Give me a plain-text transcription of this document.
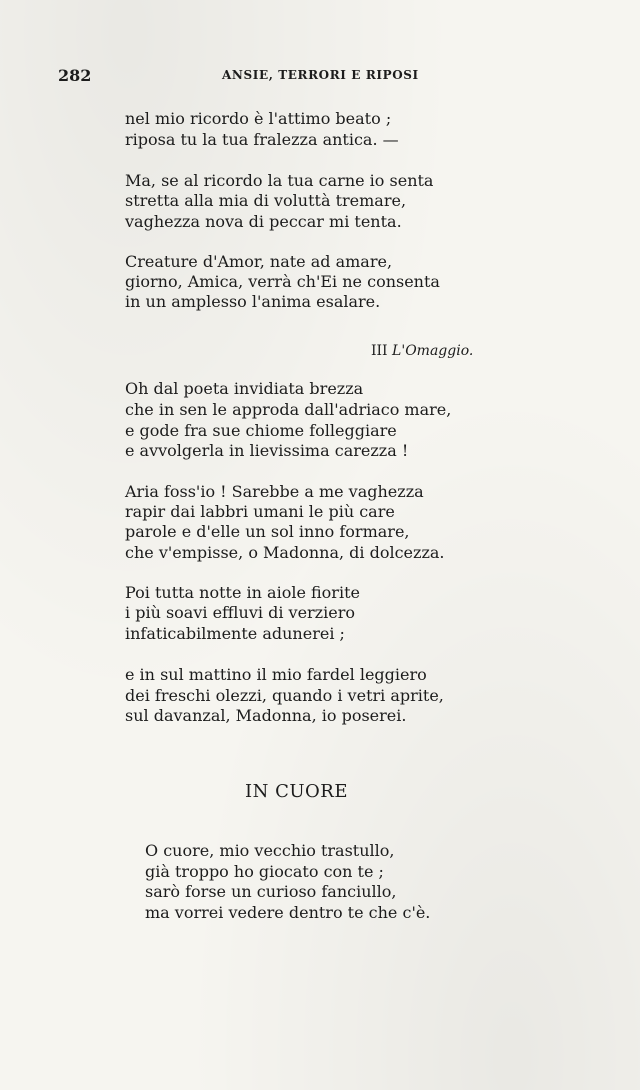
282	ANSIE, TERRORI E RIPOSI
nel mio ricordo è l'attimo beato ;
riposa tu la tua fralezza antica. —
Ma, se al ricordo la tua carne io senta
stretta alla mia di voluttà tremare,
vaghezza nova di peccar mi tenta.
Creature d'Amor, nate ad amare,
giorno, Amica, verrà ch'Ei ne consenta
in un amplesso l'anima esalare.
III L'Omaggio.
Oh dal poeta invidiata brezza
che in sen le approda dall'adriaco mare,
e gode fra sue chiome folleggiare
e avvolgerla in lievissima carezza !
Aria foss'io ! Sarebbe a me vaghezza
rapir dai labbri umani le più care
parole e d'elle un sol inno formare,
che v'empisse, o Madonna, di dolcezza.
Poi tutta notte in aiole fiorite
i più soavi effluvi di verziero
infaticabilmente adunerei ;
e in sul mattino il mio fardel leggiero
dei freschi olezzi, quando i vetri aprite,
sul davanzal, Madonna, io poserei.
IN CUORE
O cuore, mio vecchio trastullo,
già troppo ho giocato con te ;
sarò forse un curioso fanciullo,
ma vorrei vedere dentro te che c'è.
